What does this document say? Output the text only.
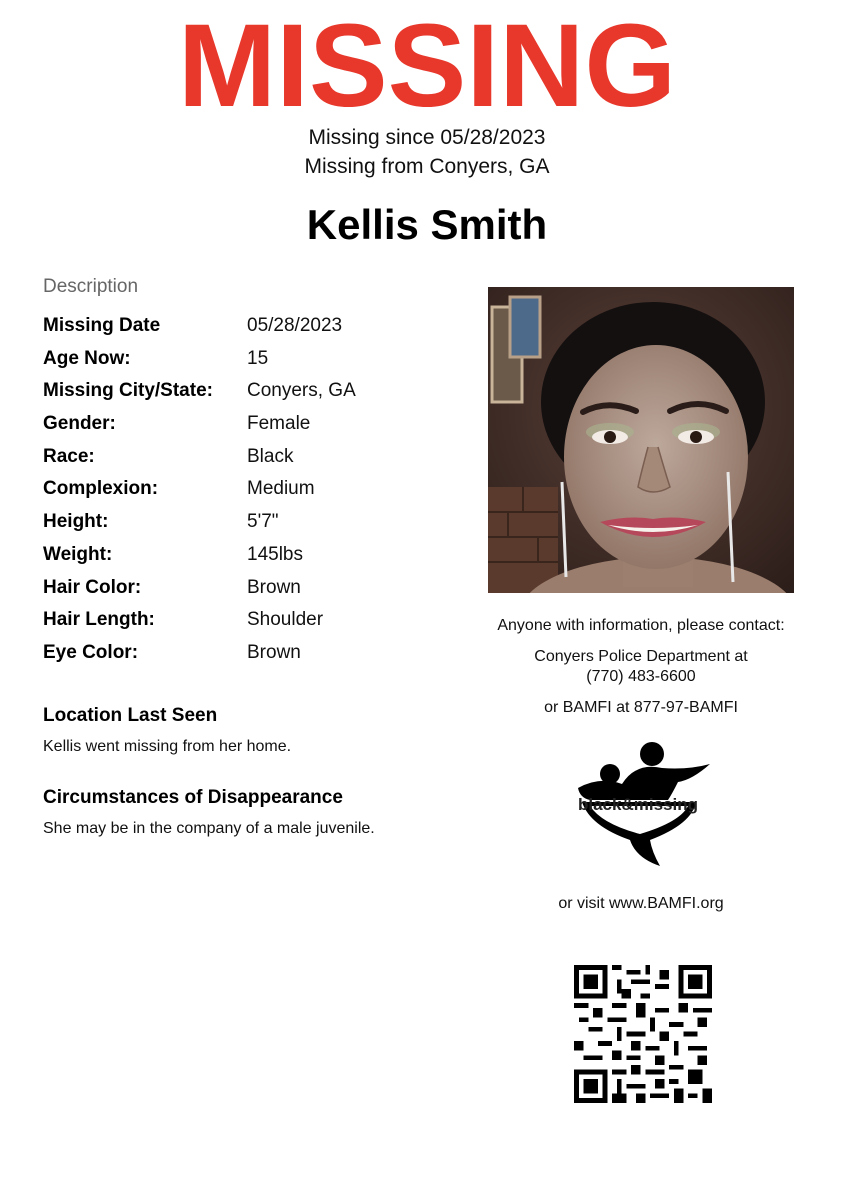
MISSING
Missing since 05/28/2023
Missing from Conyers, GA
Kellis Smith
Description
Missing Date	05/28/2023
Age Now:	15
Missing City/State: Conyers, GA
Gender:	Female
Race:	Black
Complexion:	Medium
Height:	5'7"
Weight:	145lbs
Hair Color:	Brown
Hair Length:	Shoulder
Eye Color:	Brown
Location Last Seen
Kellis went missing from her home.
Circumstances of Disappearance
She may be in the company of a male juvenile.
Anyone with information, please contact:
Conyers Police Department at
(770) 483-6600
or BAMFI at 877-97-BAMFI
black&missing
or visit www.BAMFI.org
